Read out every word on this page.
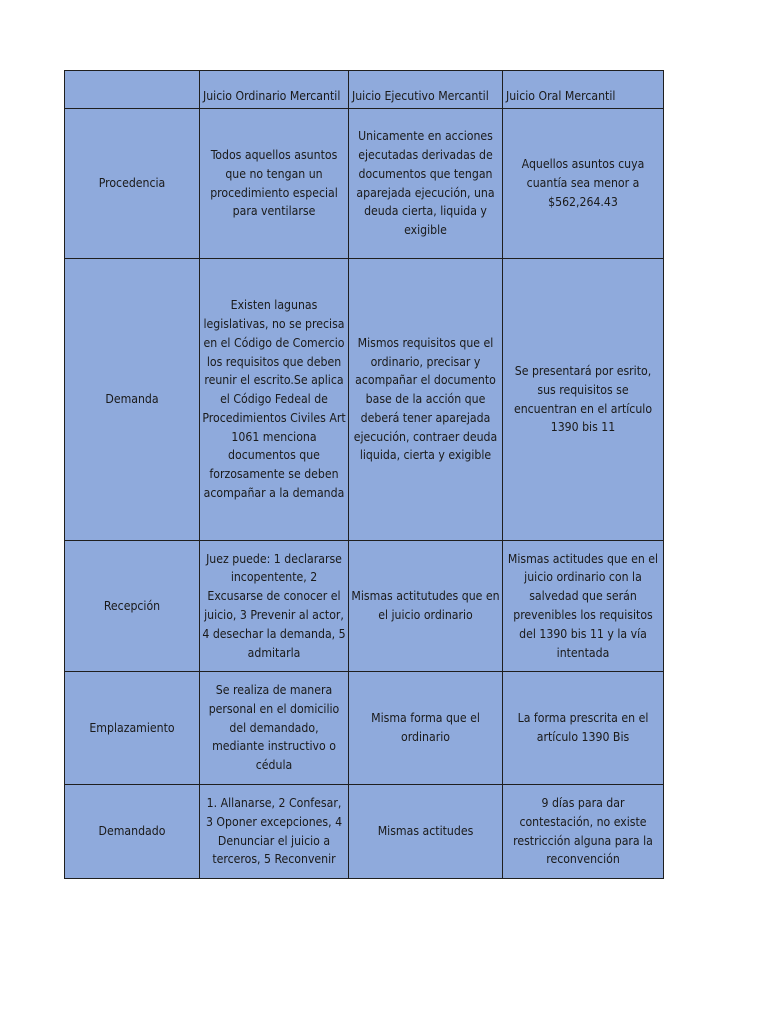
	Juicio Ordinario Mercantil	Juicio Ejecutivo Mercantil	Juicio Oral Mercantil
Procedencia	Todos aquellos asuntos que no tengan un procedimiento especial para ventilarse	Unicamente en acciones ejecutadas derivadas de documentos que tengan aparejada ejecución, una deuda cierta, liquida y exigible	Aquellos asuntos cuya cuantía sea menor a $562,264.43
Demanda	Existen lagunas legislativas, no se precisa en el Código de Comercio los requisitos que deben reunir el escrito.Se aplica el Código Fedeal de Procedimientos Civiles Art 1061 menciona documentos que forzosamente se deben acompañar a la demanda	Mismos requisitos que el ordinario, precisar y acompañar el documento base de la acción que deberá tener aparejada ejecución, contraer deuda liquida, cierta y exigible	Se presentará por esrito, sus requisitos se encuentran en el artículo 1390 bis 11
Recepción	Juez puede: 1 declararse incopentente, 2 Excusarse de conocer el juicio, 3 Prevenir al actor, 4 desechar la demanda, 5 admitarla	Mismas actitutudes que en el juicio ordinario	Mismas actitudes que en el juicio ordinario con la salvedad que serán prevenibles los requisitos del 1390 bis 11 y la vía intentada
Emplazamiento	Se realiza de manera personal en el domicilio del demandado, mediante instructivo o cédula	Misma forma que el ordinario	La forma prescrita en el artículo 1390 Bis
Demandado	1. Allanarse, 2 Confesar, 3 Oponer excepciones, 4 Denunciar el juicio a terceros, 5 Reconvenir	Mismas actitudes	9 días para dar contestación, no existe restricción alguna para la reconvención
